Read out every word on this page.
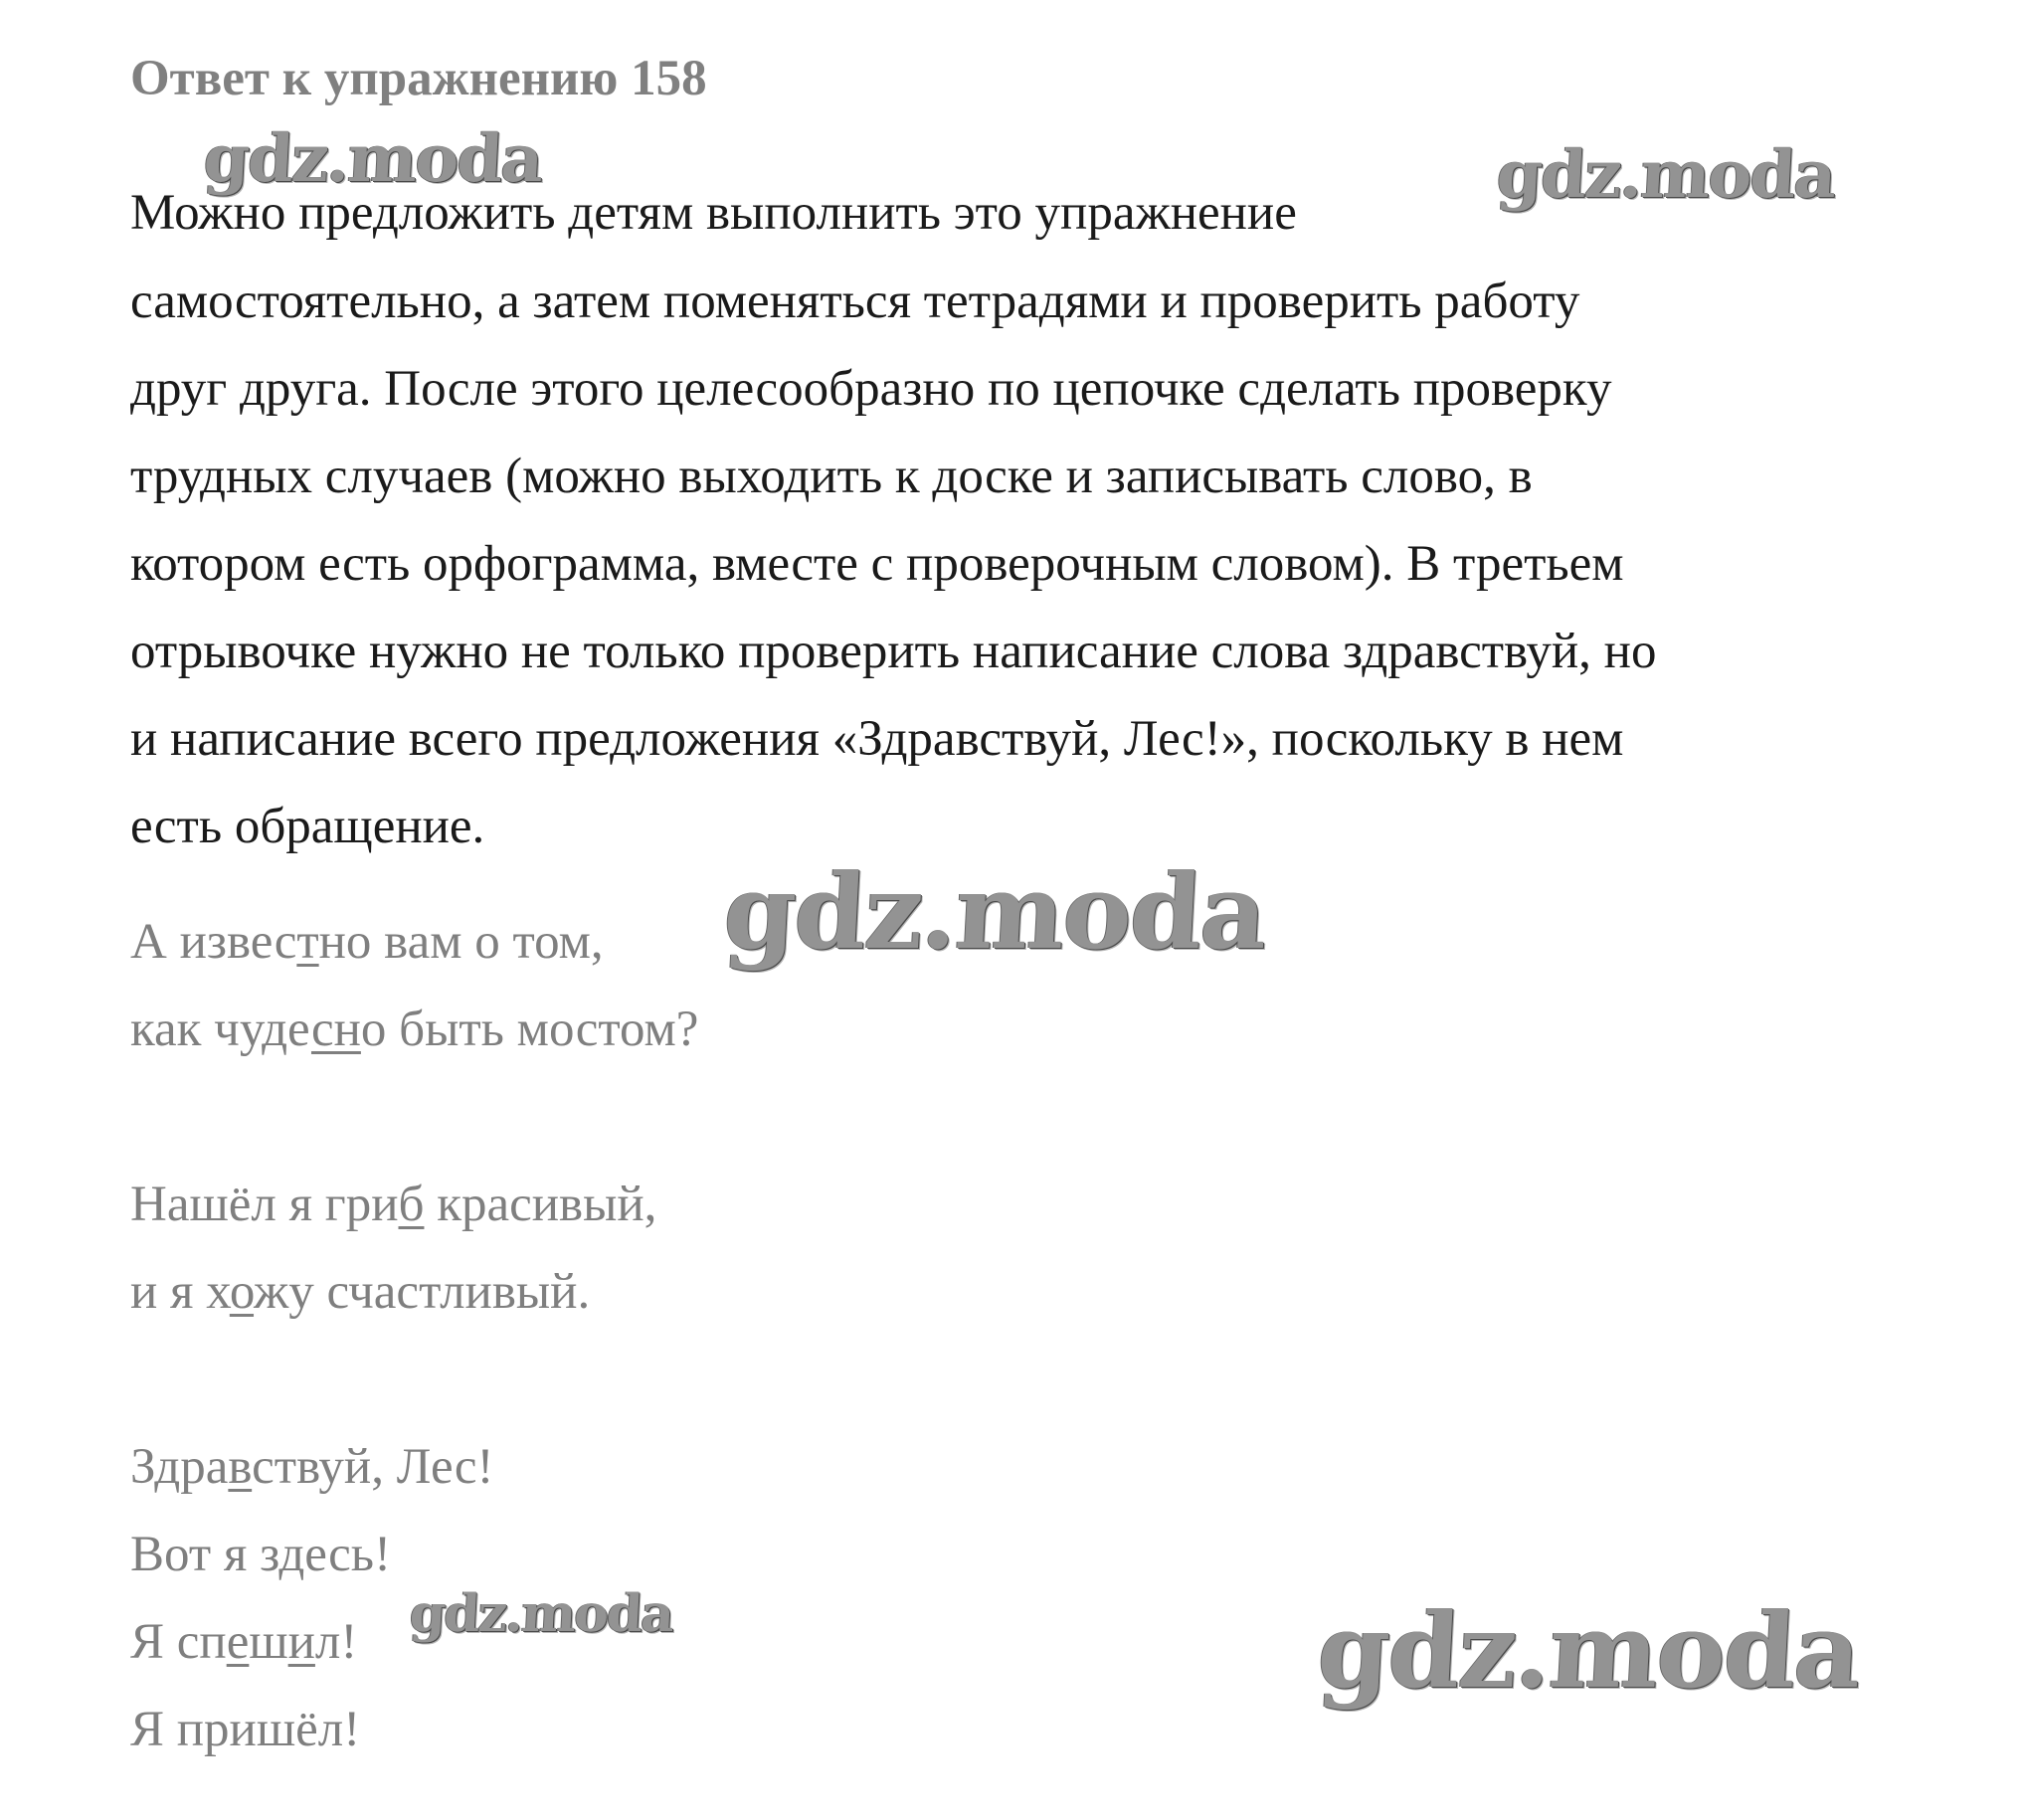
Ответ к упражнению 158
Можно предложить детям выполнить это упражнение
самостоятельно, а затем поменяться тетрадями и проверить работу
друг друга. После этого целесообразно по цепочке сделать проверку
трудных случаев (можно выходить к доске и записывать слово, в
котором есть орфограмма, вместе с проверочным словом). В третьем
отрывочке нужно не только проверить написание слова здравствуй, но
и написание всего предложения «Здравствуй, Лес!», поскольку в нем
есть обращение.
А известно вам о том,
как чудесно быть мостом?
Нашёл я гриб красивый,
и я хожу счастливый.
Здравствуй, Лес!
Вот я здесь!
Я спешил!
Я пришёл!
gdz.moda	gdz.moda
gdz.moda
gdz.moda	gdz.moda
